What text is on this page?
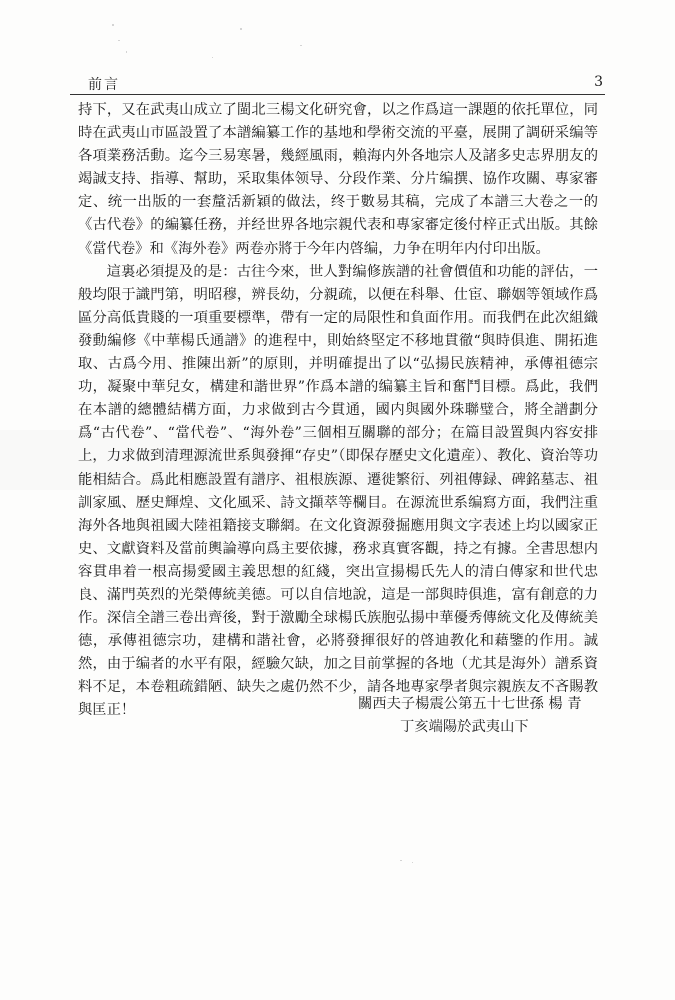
前言	3

持下，又在武夷山成立了閩北三楊文化研究會，以之作爲這一課題的依托單位，同時在武夷山市區設置了本譜編纂工作的基地和學術交流的平臺，展開了調研采编等各項業務活動。迄今三易寒暑，幾經風雨，賴海内外各地宗人及諸多史志界朋友的竭誠支持、指導、幫助，采取集体领导、分段作業、分片编撰、協作攻關、專家審定、统一出版的一套釐活新穎的做法，终于數易其稿，完成了本譜三大卷之一的《古代卷》的編纂任務，并经世界各地宗親代表和專家審定後付梓正式出版。其餘《當代卷》和《海外卷》两卷亦將于今年内啓编，力争在明年内付印出版。

這裏必須提及的是：古往今來，世人對编修族譜的社會價值和功能的評估，一般均限于識門第，明昭穆，辨長幼，分親疏，以便在科舉、仕宦、聯姻等領域作爲區分高低貴賤的一項重要標準，帶有一定的局限性和負面作用。而我們在此次組織發動編修《中華楊氏通譜》的進程中，則始終堅定不移地貫徹“與時俱進、開拓進取、古爲今用、推陳出新”的原則，并明確提出了以“弘揚民族精神，承傳祖德宗功，凝聚中華兒女，構建和諧世界”作爲本譜的编纂主旨和奮鬥目標。爲此，我們在本譜的總體結構方面，力求做到古今貫通，國内與國外珠聯璧合，將全譜劃分爲“古代卷”、“當代卷”、“海外卷”三個相互關聯的部分；在篇目設置與内容安排上，力求做到清理源流世系與發揮“存史”（即保存歷史文化遺産）、教化、資治等功能相結合。爲此相應設置有譜序、祖根族源、遷徙繁衍、列祖傳録、碑銘墓志、祖訓家風、歷史輝煌、文化風采、詩文擷萃等欄目。在源流世系编寫方面，我們注重海外各地與祖國大陸祖籍接支聯網。在文化資源發掘應用與文字表述上均以國家正史、文獻資料及當前輿論導向爲主要依據，務求真實客觀，持之有據。全書思想内容貫串着一根高揚愛國主義思想的紅綫，突出宣揚楊氏先人的清白傳家和世代忠良、滿門英烈的光榮傳統美德。可以自信地說，這是一部與時俱進，富有創意的力作。深信全譜三卷出齊後，對于激勵全球楊氏族胞弘揚中華優秀傳統文化及傳統美德，承傳祖德宗功，建構和諧社會，必將發揮很好的啓迪教化和藉鑒的作用。誠然，由于编者的水平有限，經驗欠缺，加之目前掌握的各地（尤其是海外）譜系資料不足，本卷粗疏錯陋、缺失之處仍然不少，請各地專家學者與宗親族友不吝賜教與匡正！	關西夫子楊震公第五十七世孫 楊 青
丁亥端陽於武夷山下
